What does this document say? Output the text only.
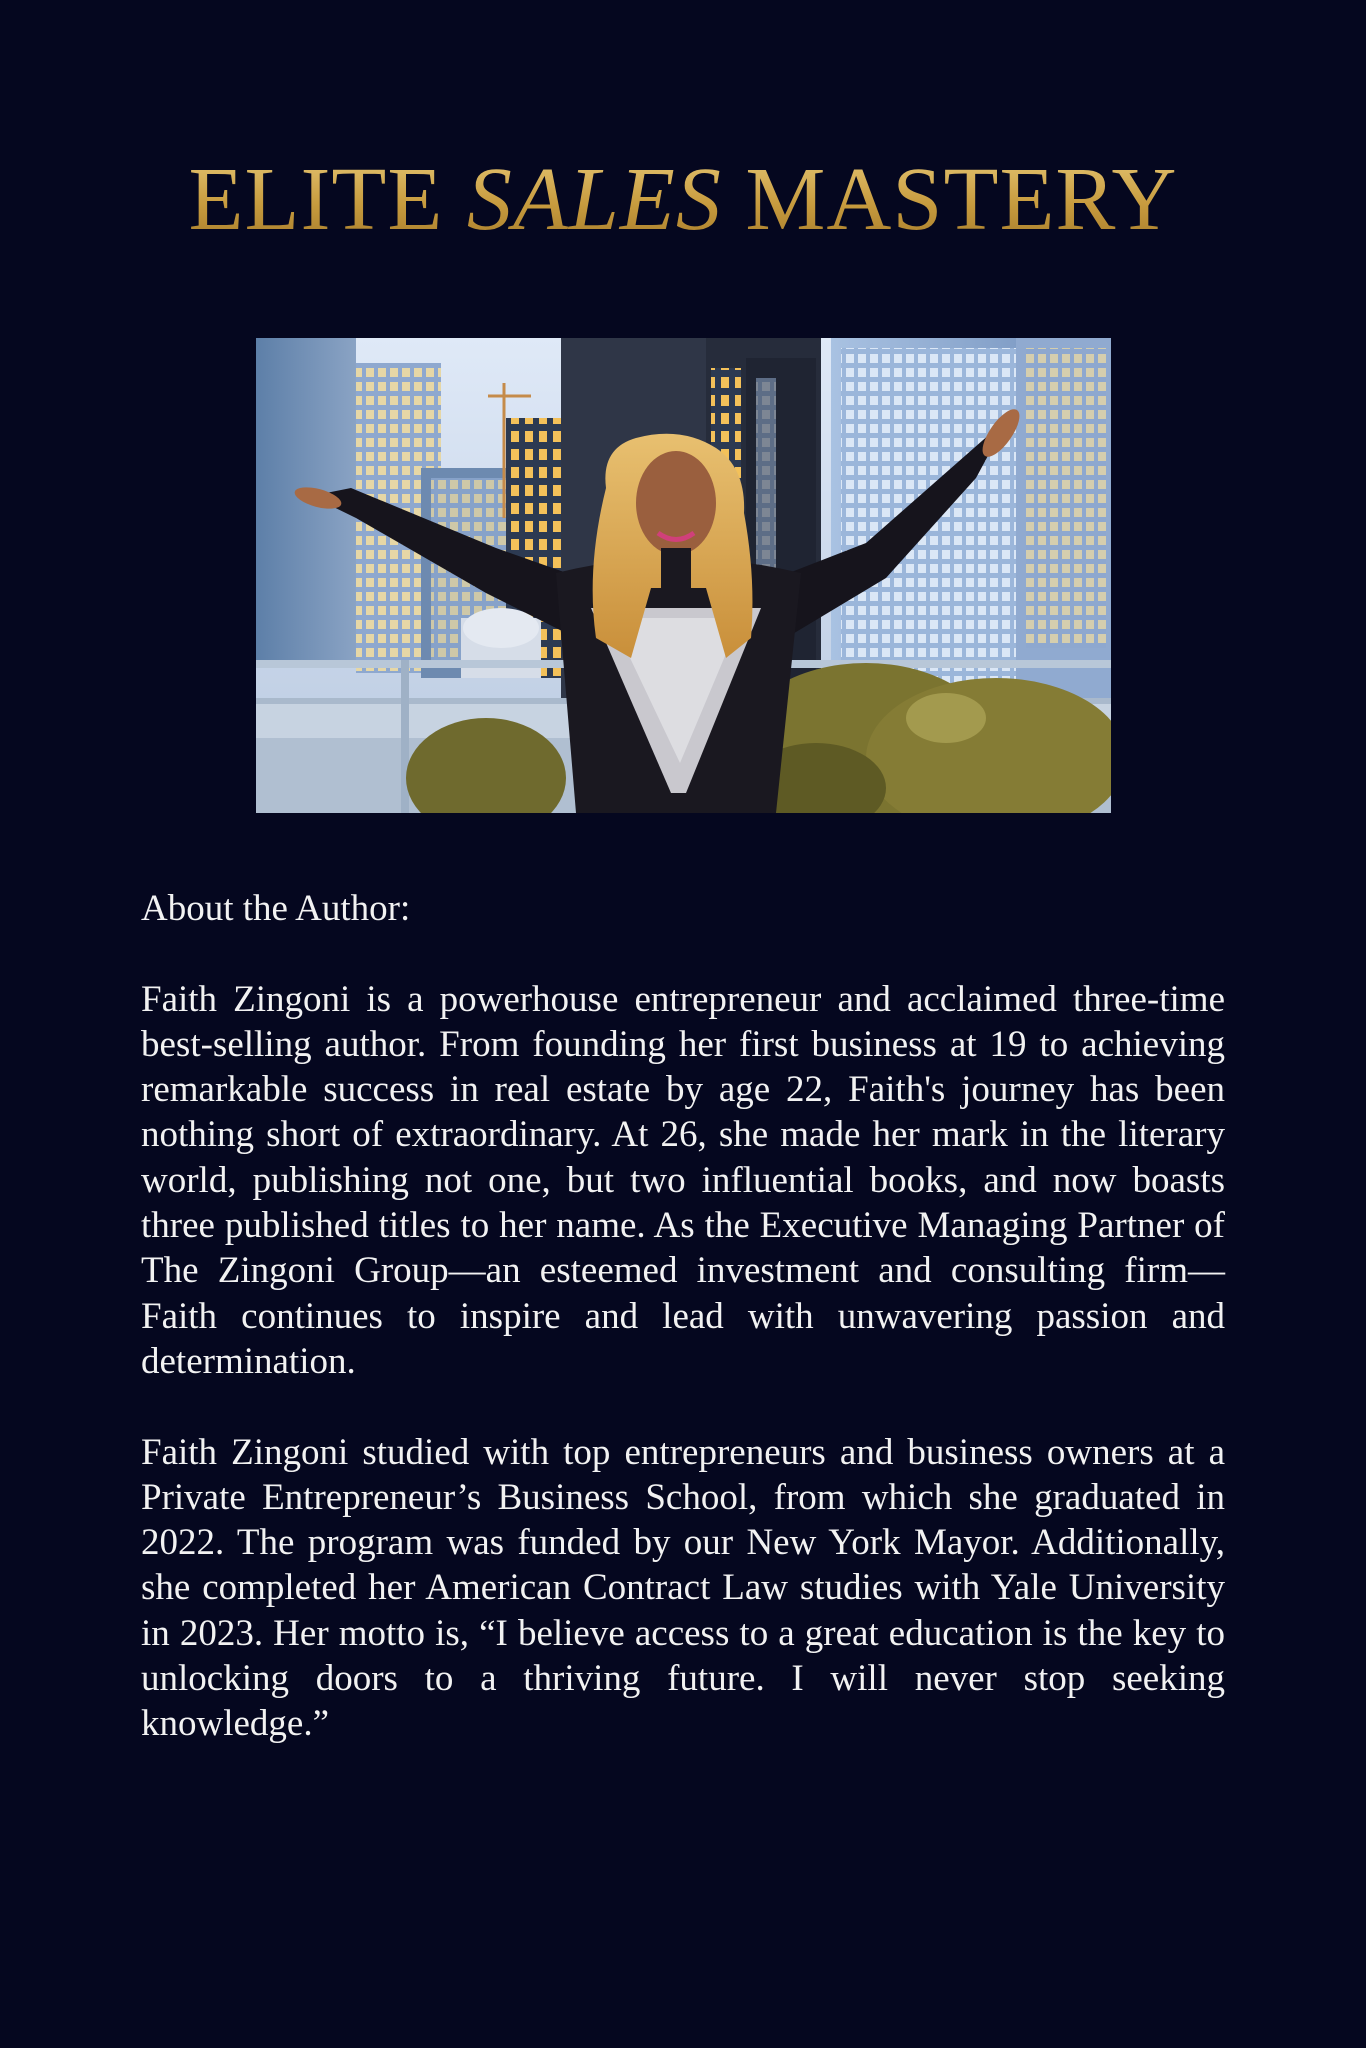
ELITE SALES MASTERY

About the Author:

Faith Zingoni is a powerhouse entrepreneur and acclaimed three-time best-selling author. From founding her first business at 19 to achieving remarkable success in real estate by age 22, Faith's journey has been nothing short of extraordinary. At 26, she made her mark in the literary world, publishing not one, but two influential books, and now boasts three published titles to her name. As the Executive Managing Partner of The Zingoni Group—an esteemed investment and consulting firm—Faith continues to inspire and lead with unwavering passion and determination.

Faith Zingoni studied with top entrepreneurs and business owners at a Private Entrepreneur’s Business School, from which she graduated in 2022. The program was funded by our New York Mayor. Additionally, she completed her American Contract Law studies with Yale University in 2023. Her motto is, “I believe access to a great education is the key to unlocking doors to a thriving future. I will never stop seeking knowledge.”
